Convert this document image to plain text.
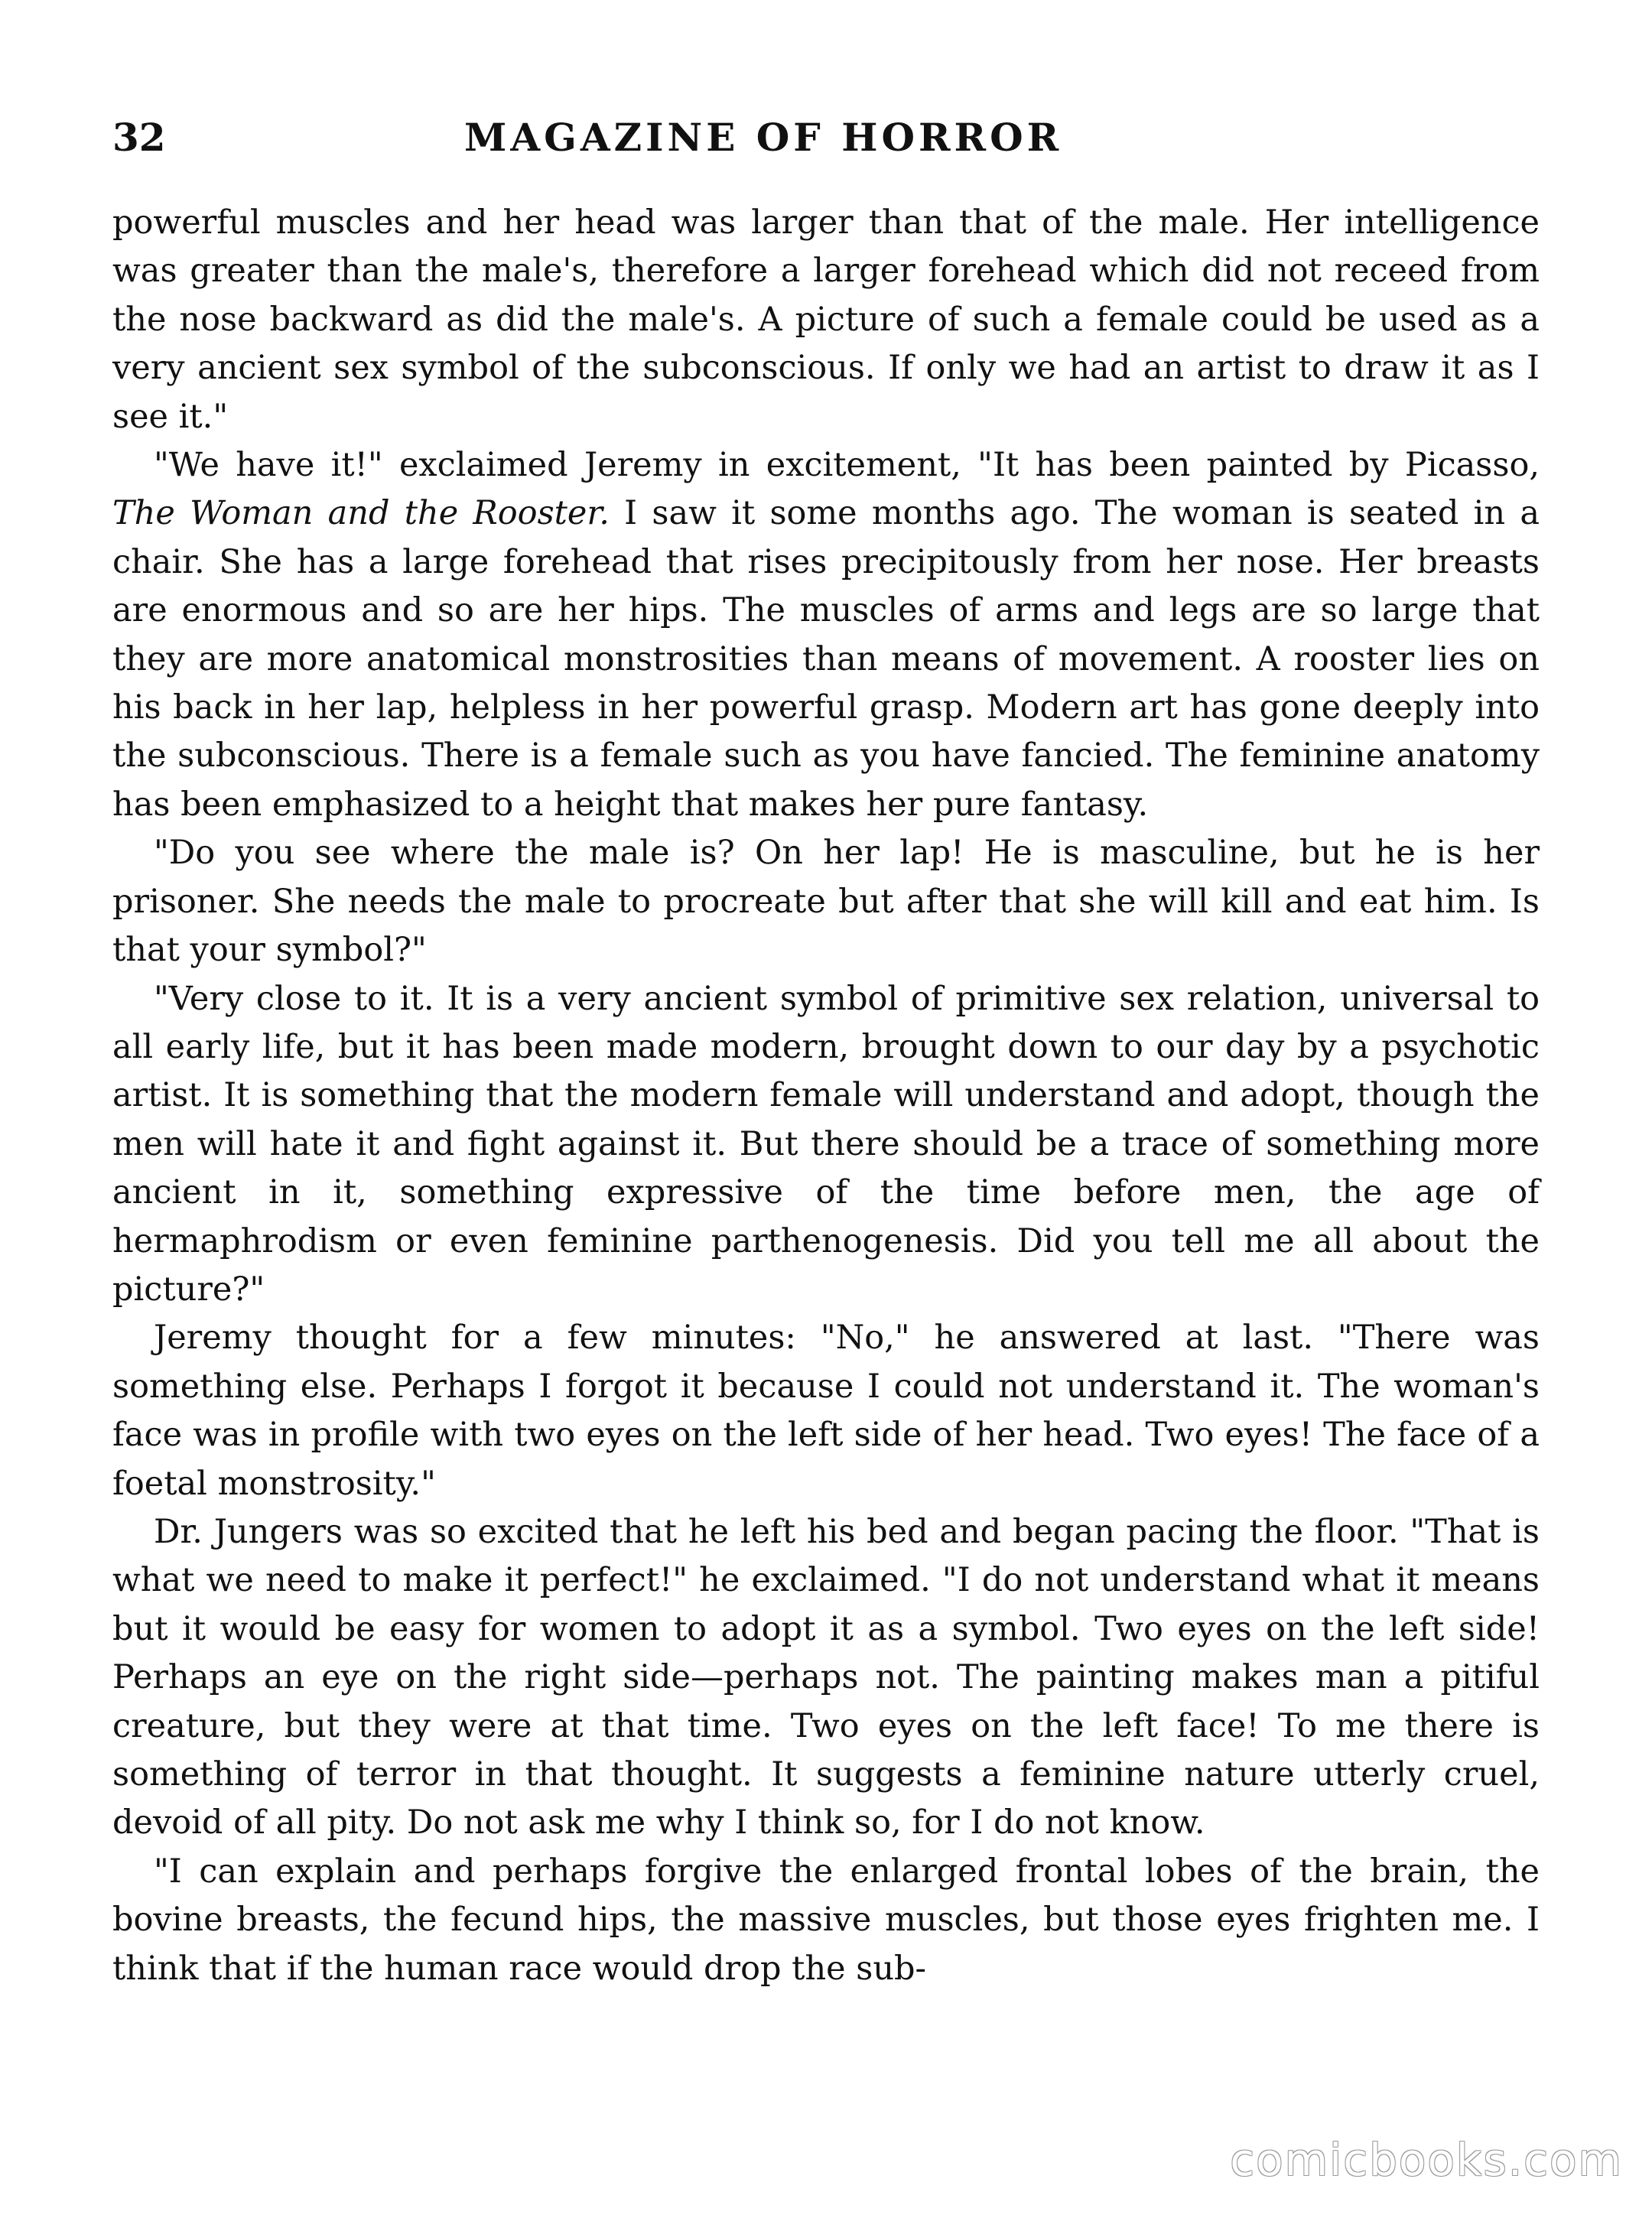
32	MAGAZINE OF HORROR

powerful muscles and her head was larger than that of the male. Her intelligence was greater than the male's, therefore a larger forehead which did not receed from the nose backward as did the male's. A picture of such a female could be used as a very ancient sex symbol of the subconscious. If only we had an artist to draw it as I see it."

"We have it!" exclaimed Jeremy in excitement, "It has been painted by Picasso, The Woman and the Rooster. I saw it some months ago. The woman is seated in a chair. She has a large forehead that rises precipitously from her nose. Her breasts are enormous and so are her hips. The muscles of arms and legs are so large that they are more anatomical monstrosities than means of movement. A rooster lies on his back in her lap, helpless in her powerful grasp. Modern art has gone deeply into the subconscious. There is a female such as you have fancied. The feminine anatomy has been emphasized to a height that makes her pure fantasy.

"Do you see where the male is? On her lap! He is masculine, but he is her prisoner. She needs the male to procreate but after that she will kill and eat him. Is that your symbol?"

"Very close to it. It is a very ancient symbol of primitive sex relation, universal to all early life, but it has been made modern, brought down to our day by a psychotic artist. It is something that the modern female will understand and adopt, though the men will hate it and fight against it. But there should be a trace of something more ancient in it, something expressive of the time before men, the age of hermaphrodism or even feminine parthenogenesis. Did you tell me all about the picture?"

Jeremy thought for a few minutes: "No," he answered at last. "There was something else. Perhaps I forgot it because I could not understand it. The woman's face was in profile with two eyes on the left side of her head. Two eyes! The face of a foetal monstrosity."

Dr. Jungers was so excited that he left his bed and began pacing the floor. "That is what we need to make it perfect!" he exclaimed. "I do not understand what it means but it would be easy for women to adopt it as a symbol. Two eyes on the left side! Perhaps an eye on the right side—perhaps not. The painting makes man a pitiful creature, but they were at that time. Two eyes on the left face! To me there is something of terror in that thought. It suggests a feminine nature utterly cruel, devoid of all pity. Do not ask me why I think so, for I do not know.

"I can explain and perhaps forgive the enlarged frontal lobes of the brain, the bovine breasts, the fecund hips, the massive muscles, but those eyes frighten me. I think that if the human race would drop the sub-

comicbooks.com
